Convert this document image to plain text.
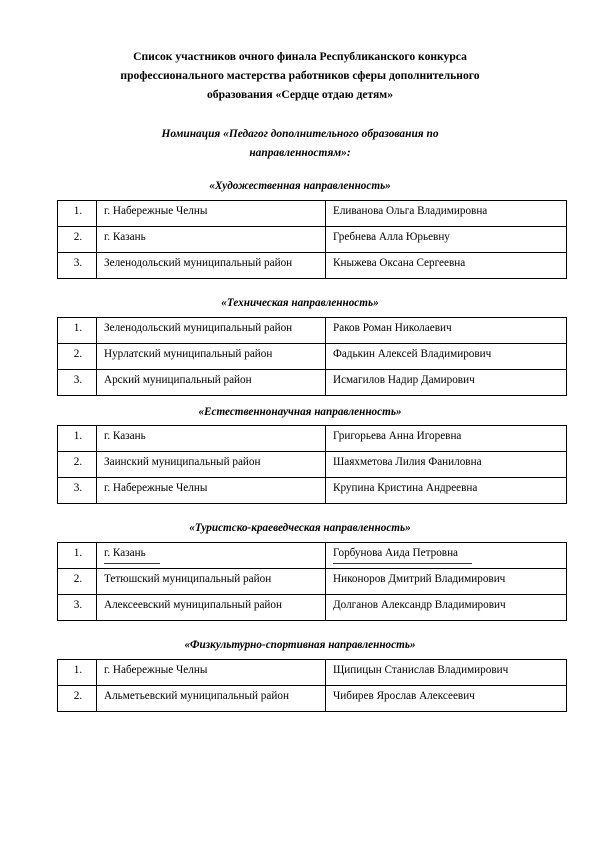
Список участников очного финала Республиканского конкурса
профессионального мастерства работников сферы дополнительного
образования «Сердце отдаю детям»
Номинация «Педагог дополнительного образования по
направленностям»:
«Художественная направленность»
1.	г. Набережные Челны	Еливанова Ольга Владимировна
2.	г. Казань	Гребнева Алла Юрьевну
3.	Зеленодольский муниципальный район	Кныжева Оксана Сергеевна
«Техническая направленность»
1.	Зеленодольский муниципальный район	Раков Роман Николаевич
2.	Нурлатский муниципальный район	Фадькин Алексей Владимирович
3.	Арский муниципальный район	Исмагилов Надир Дамирович
«Естественнонаучная направленность»
1.	г. Казань	Григорьева Анна Игоревна
2.	Заинский муниципальный район	Шаяхметова Лилия Фаниловна
3.	г. Набережные Челны	Крупина Кристина Андреевна
«Туристско-краеведческая направленность»
1.	г. Казань	Горбунова Аида Петровна
2.	Тетюшский муниципальный район	Никоноров Дмитрий Владимирович
3.	Алексеевский муниципальный район	Долганов Александр Владимирович
«Физкультурно-спортивная направленность»
1.	г. Набережные Челны	Щипицын Станислав Владимирович
2.	Альметьевский муниципальный район	Чибирев Ярослав Алексеевич
